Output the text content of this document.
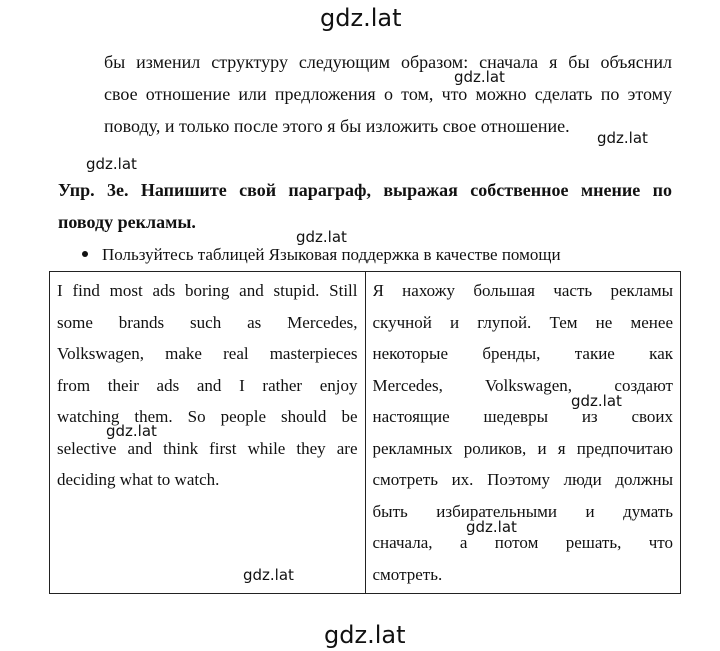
gdz.lat
бы изменил структуру следующим образом: сначала я бы объяснил
свое отношение или предложения о том, что можно сделать по этому
поводу, и только после этого я бы изложить свое отношение.
gdz.lat
gdz.lat
gdz.lat
Упр. 3е. Напишите свой параграф, выражая собственное мнение по
поводу рекламы.
gdz.lat
Пользуйтесь таблицей Языковая поддержка в качестве помощи
I find most ads boring and stupid. Still
some brands such as Mercedes,
Volkswagen, make real masterpieces
from their ads and I rather enjoy
watching them. So people should be
selective and think first while they are
deciding what to watch.

Я нахожу большая часть рекламы
скучной и глупой. Тем не менее
некоторые бренды, такие как
Mercedes, Volkswagen, создают
настоящие шедевры из своих
рекламных роликов, и я предпочитаю
смотреть их. Поэтому люди должны
быть избирательными и думать
сначала, а потом решать, что
смотреть.
gdz.lat
gdz.lat
gdz.lat
gdz.lat
gdz.lat
